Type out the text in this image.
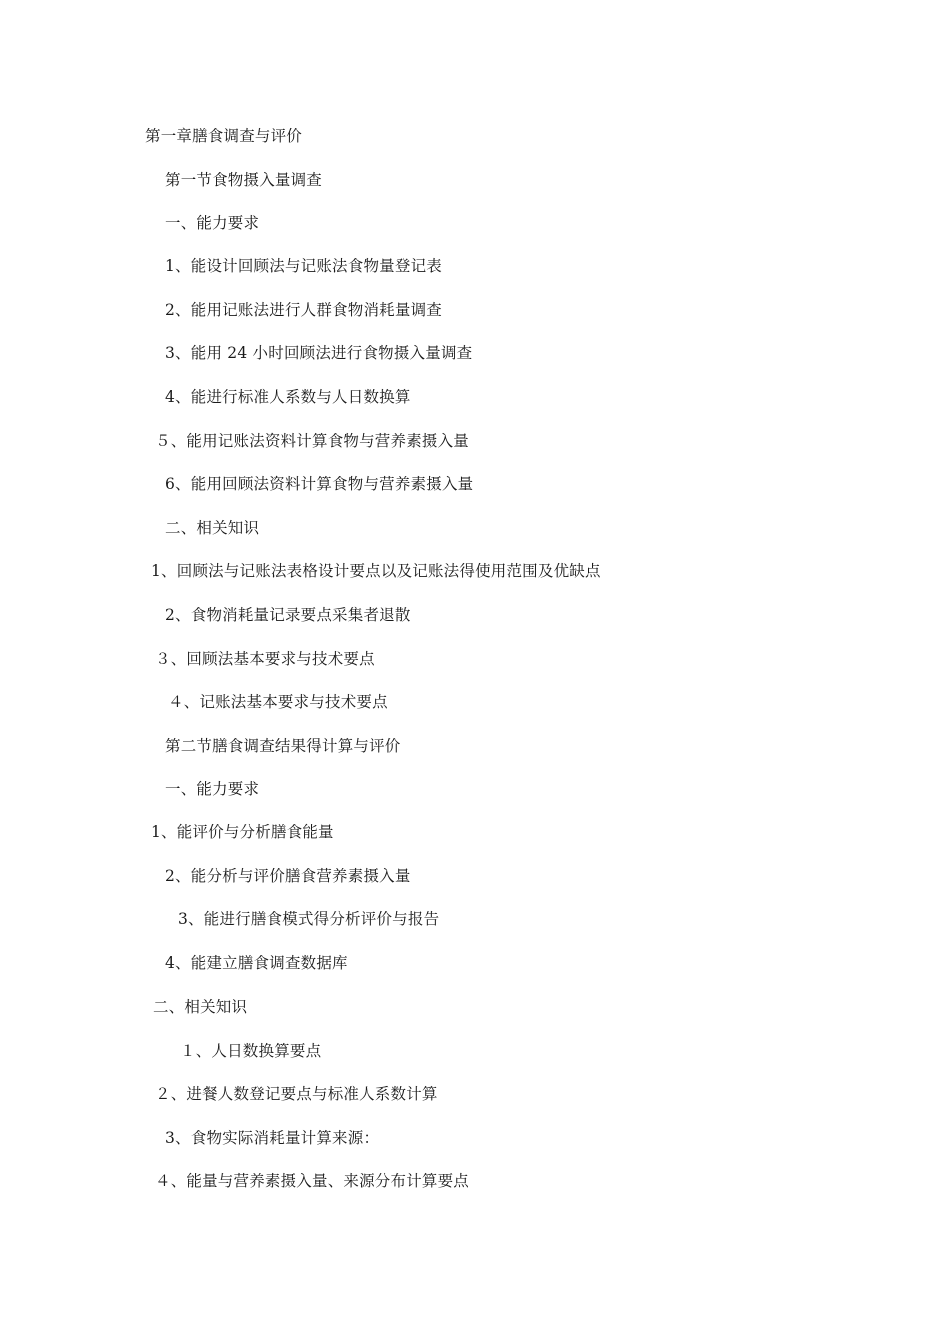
第一章膳食调查与评价
第一节食物摄入量调查
一、能力要求
1、能设计回顾法与记账法食物量登记表
2、能用记账法进行人群食物消耗量调查
3、能用 24 小时回顾法进行食物摄入量调查
4、能进行标准人系数与人日数换算
５、能用记账法资料计算食物与营养素摄入量
6、能用回顾法资料计算食物与营养素摄入量
二、相关知识
1、回顾法与记账法表格设计要点以及记账法得使用范围及优缺点
2、食物消耗量记录要点采集者退散
３、回顾法基本要求与技术要点
４、记账法基本要求与技术要点
第二节膳食调查结果得计算与评价
一、能力要求
1、能评价与分析膳食能量
2、能分析与评价膳食营养素摄入量
3、能进行膳食模式得分析评价与报告
4、能建立膳食调查数据库
二、相关知识
１、人日数换算要点
２、进餐人数登记要点与标准人系数计算
3、食物实际消耗量计算来源：
４、能量与营养素摄入量、来源分布计算要点
